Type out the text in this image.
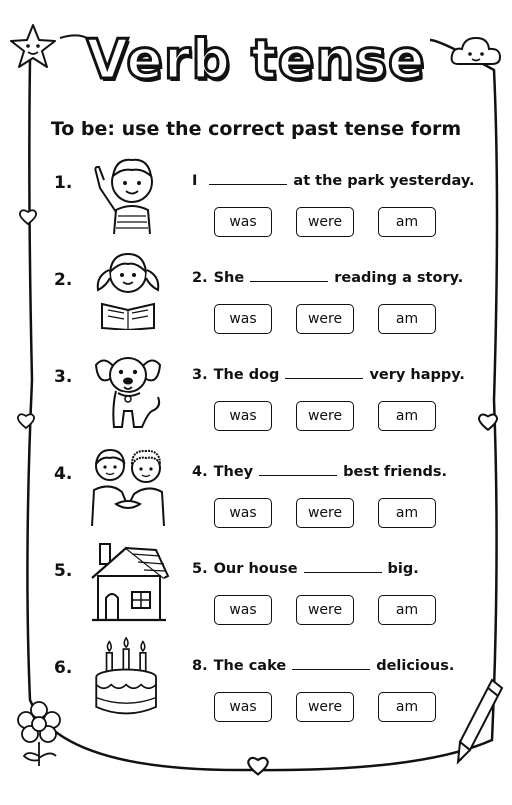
Verb tense
To be: use the correct past tense form
1.	I	at the park yesterday.
was	were	am
2.	2. She	reading a story.
was	were	am
3.	3. The dog	very happy.
was	were	am
4.	4. They	best friends.
was	were	am
5.	5. Our house	big.
was	were	am
6.	8. The cake	delicious.
was	were	am
